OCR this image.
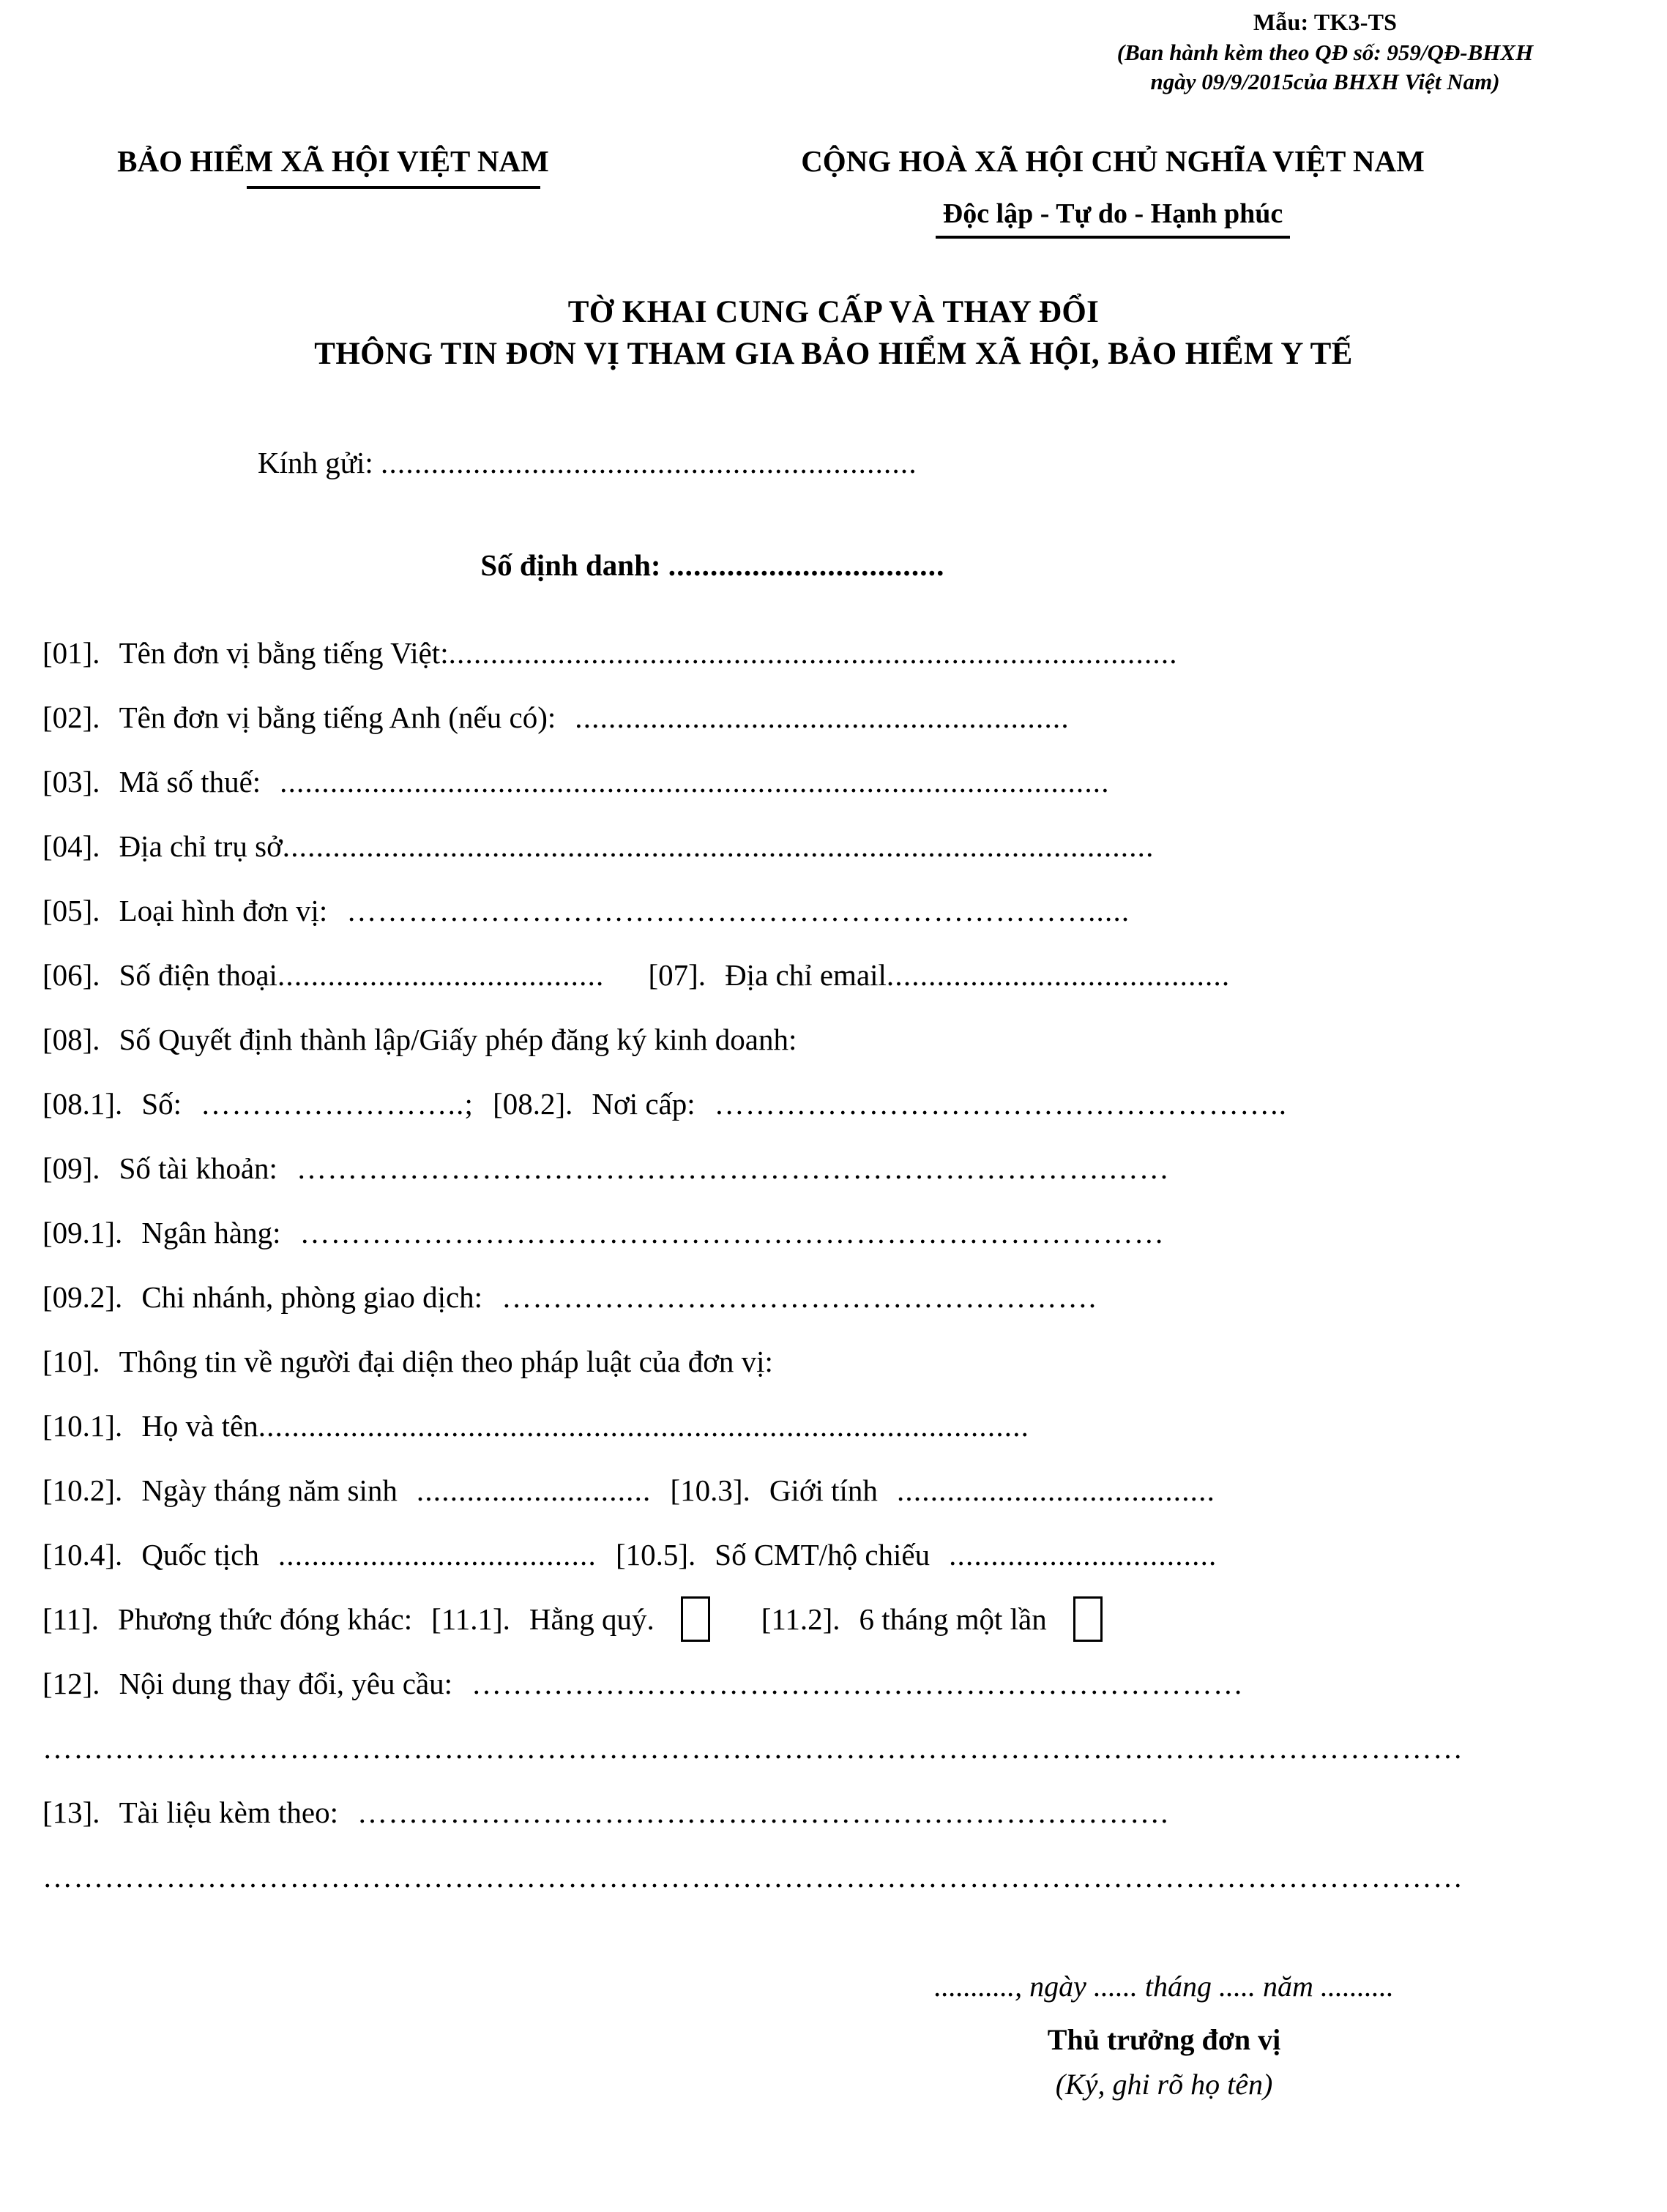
Mẫu: TK3-TS
(Ban hành kèm theo QĐ số: 959/QĐ-BHXH
ngày 09/9/2015của BHXH Việt Nam)
BẢO HIỂM XÃ HỘI VIỆT NAM	CỘNG HOÀ XÃ HỘI CHỦ NGHĨA VIỆT NAM Độc lập - Tự do - Hạnh phúc
TỜ KHAI CUNG CẤP VÀ THAY ĐỔI
THÔNG TIN ĐƠN VỊ THAM GIA BẢO HIỂM XÃ HỘI, BẢO HIỂM Y TẾ
Kính gửi: ................................................................
Số định danh: .................................
[01]. Tên đơn vị bằng tiếng Việt: .......................................................................................
[02]. Tên đơn vị bằng tiếng Anh (nếu có): ...........................................................
[03]. Mã số thuế: ...................................................................................................
[04]. Địa chỉ trụ sở ........................................................................................................
[05]. Loại hình đơn vị: ……………………………………………………………….....
[06]. Số điện thoại ....................................... [07]. Địa chỉ email .........................................
[08]. Số Quyết định thành lập/Giấy phép đăng ký kinh doanh:
[08.1]. Số: ……………………..; [08.2]. Nơi cấp: ………………………………………………..
[09]. Số tài khoản: …………………………………………………………………….……
[09.1]. Ngân hàng: …………………………………………………………………………
[09.2]. Chi nhánh, phòng giao dịch: ………………………………………………….
[10]. Thông tin về người đại diện theo pháp luật của đơn vị:
[10.1]. Họ và tên ............................................................................................
[10.2]. Ngày tháng năm sinh ............................ [10.3]. Giới tính ......................................
[10.4]. Quốc tịch ...................................... [10.5]. Số CMT/hộ chiếu ................................
[11]. Phương thức đóng khác: [11.1]. Hằng quý.	[11.2]. 6 tháng một lần
[12]. Nội dung thay đổi, yêu cầu: …………………………………………………………………
…………………………………………………………………………………………………………………………
[13]. Tài liệu kèm theo: …………………………………………………………………….
…………………………………………………………………………………………………………………………
..........., ngày ...... tháng ..... năm ..........
Thủ trưởng đơn vị
(Ký, ghi rõ họ tên)
